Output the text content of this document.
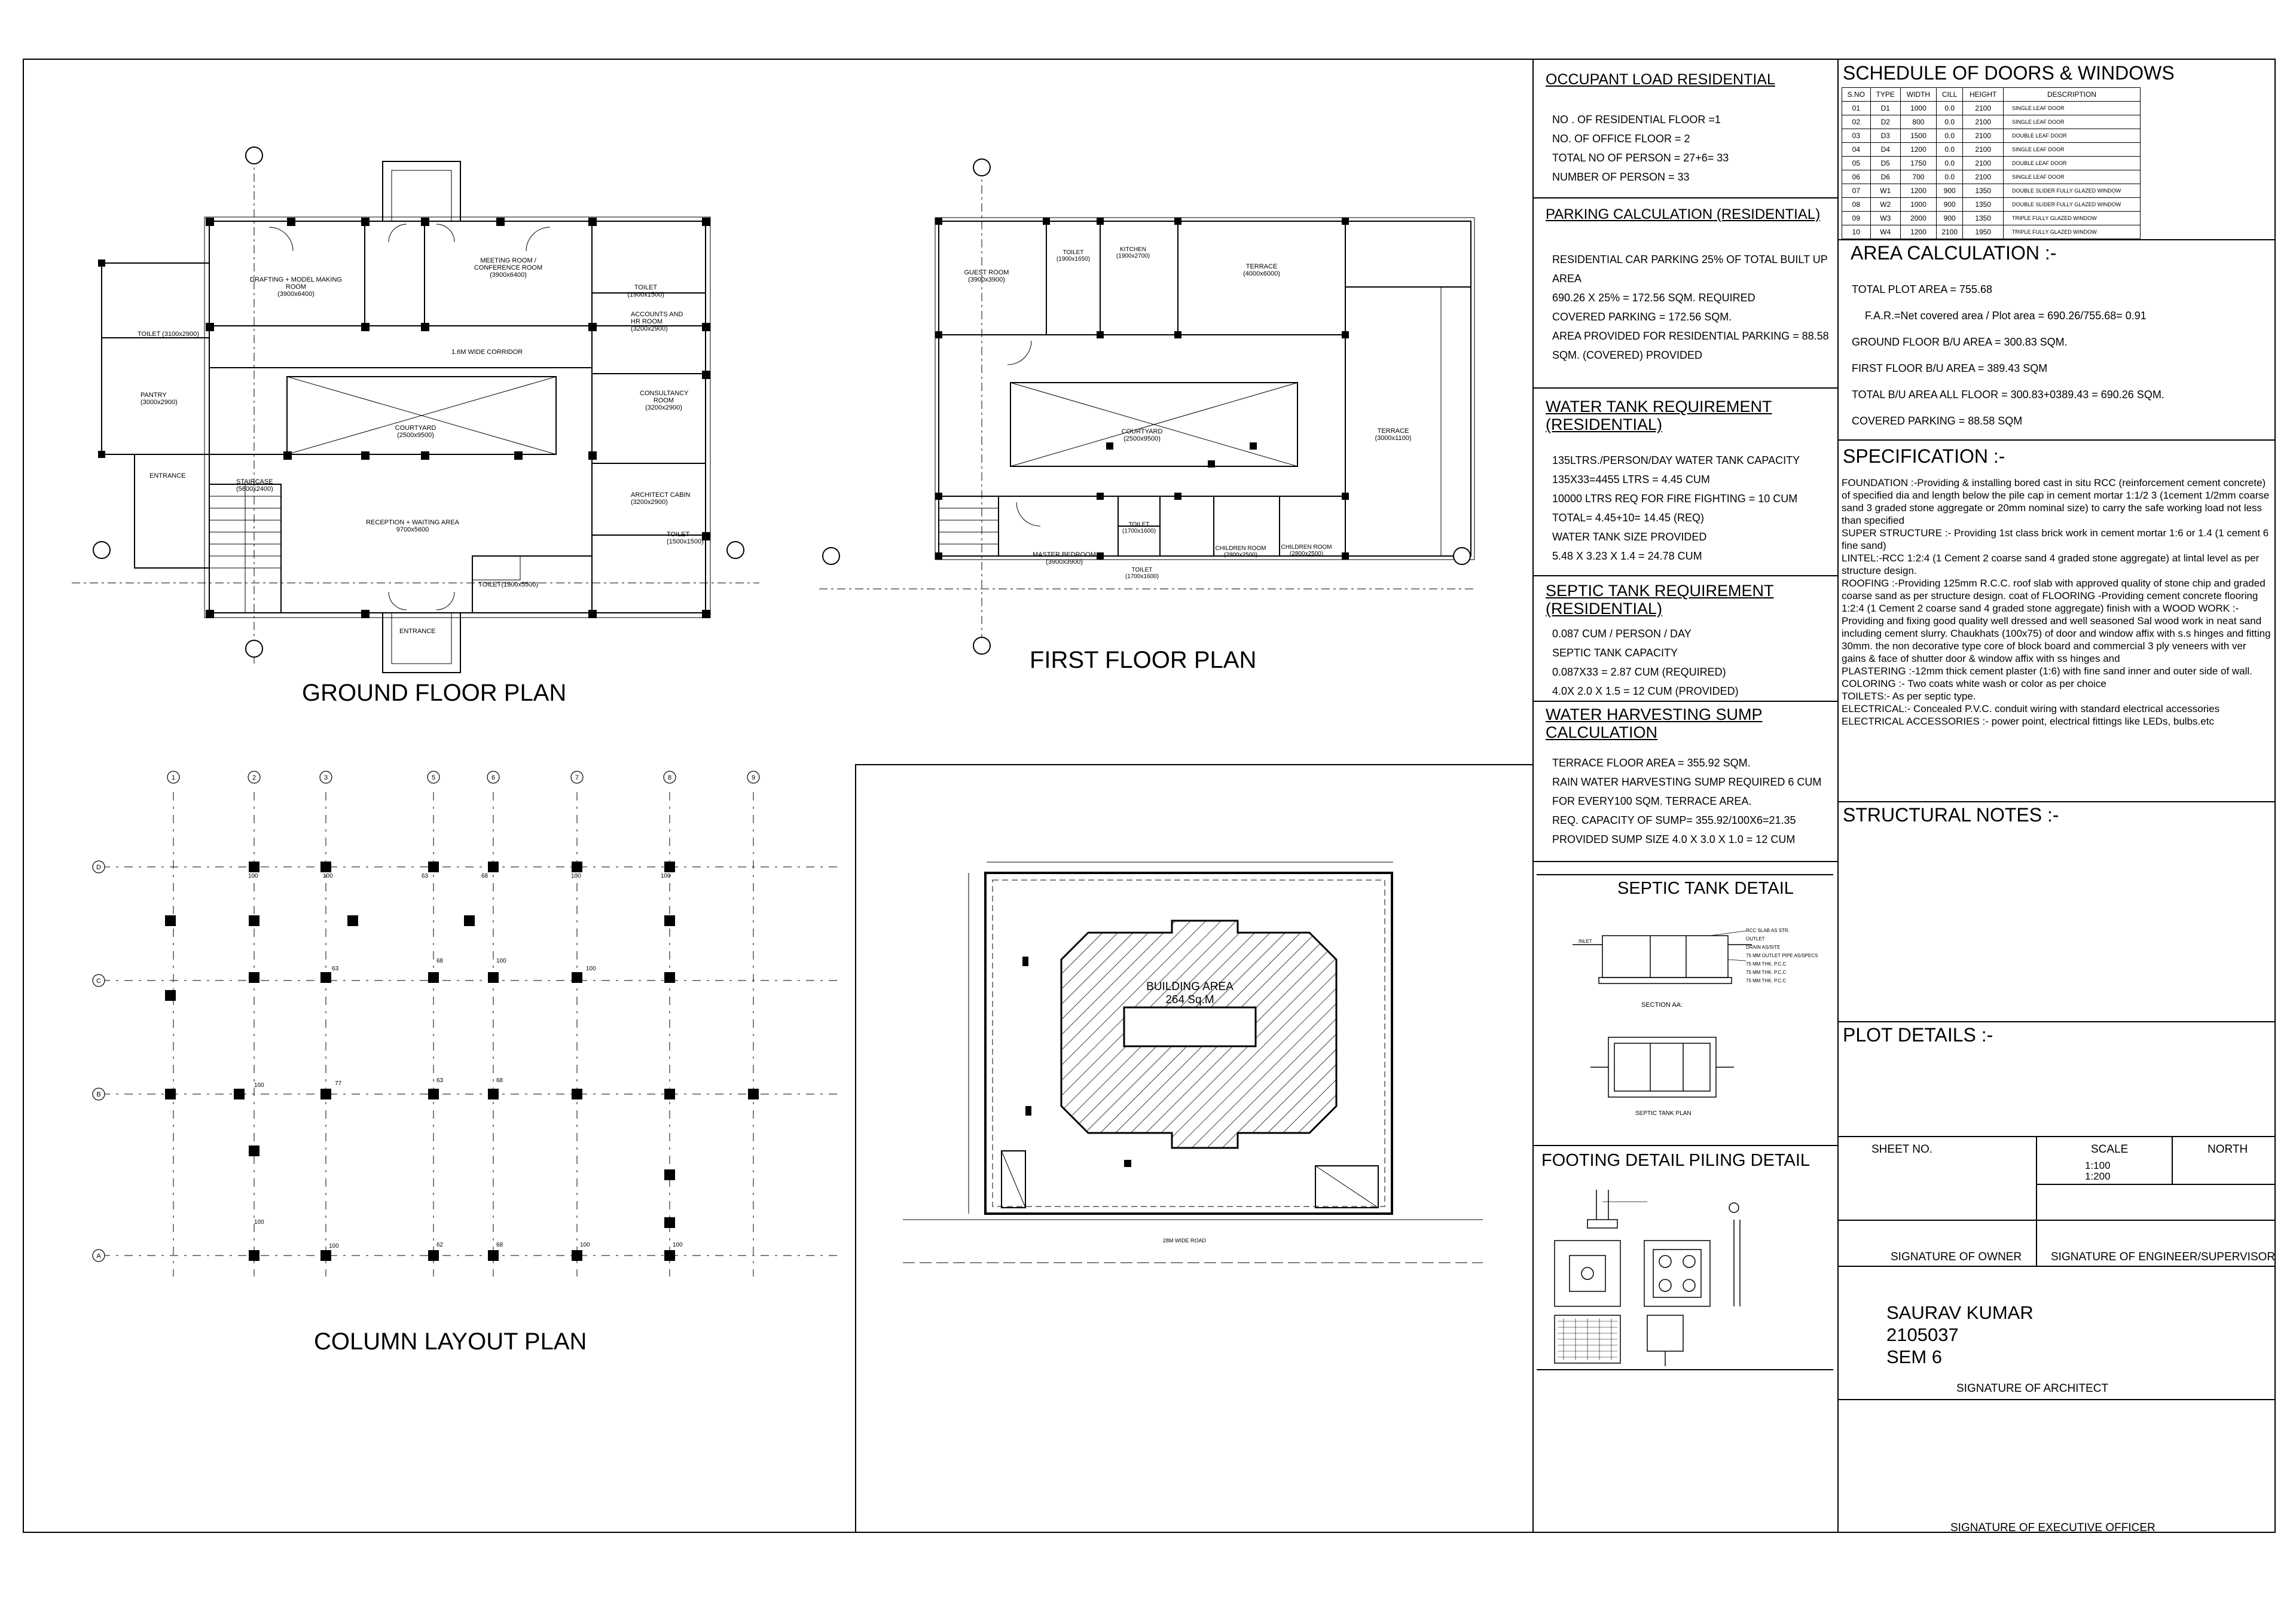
DRAFTING + MODEL MAKING ROOM
(3900x6400)
MEETING ROOM /
CONFERENCE ROOM
(3900x6400)
TOILET
(1900x1500)
ACCOUNTS AND
HR ROOM
(3200x2900)
TOILET (3100x2900)
PANTRY
(3000x2900)
1.6M WIDE CORRIDOR
CONSULTANCY
ROOM
(3200x2900)
COURTYARD
(2500x9500)
ENTRANCE
STAIRCASE
(5600x2400)
ARCHITECT CABIN
(3200x2900)
RECEPTION + WAITING AREA
9700x5600
TOILET
(1500x1500)
TOILET(1900x5500)
ENTRANCE
GROUND FLOOR PLAN
GUEST ROOM
(3900x3900)
TOILET
(1900x1650)
KITCHEN
(1900x2700)
TERRACE
(4000x6000)
COURTYARD
(2500x9500)
TERRACE
(3000x1100)
TOILET
(1700x1600)
MASTER BEDROOM
(3900x3900)
TOILET
(1700x1600)
CHILDREN ROOM
(2800x2500)
CHILDREN ROOM
(2800x2500)
FIRST FLOOR PLAN
1	2	3	5	6	7	8	9
D
C
B
A
100	100	63	68	100	100
63
68	100
100
77
100
63	68
100
100	62	68	100	100
COLUMN LAYOUT PLAN
BUILDING AREA
264 Sq.M
28M WIDE ROAD
OCCUPANT LOAD RESIDENTIAL
NO . OF RESIDENTIAL FLOOR =1
NO. OF OFFICE FLOOR = 2
TOTAL NO OF PERSON = 27+6= 33
NUMBER OF PERSON = 33
PARKING CALCULATION (RESIDENTIAL)
RESIDENTIAL CAR PARKING 25% OF TOTAL BUILT UP
AREA
690.26 X 25% = 172.56 SQM. REQUIRED
COVERED PARKING = 172.56 SQM.
AREA PROVIDED FOR RESIDENTIAL PARKING = 88.58
SQM. (COVERED) PROVIDED
WATER TANK REQUIREMENT
(RESIDENTIAL)
135LTRS./PERSON/DAY WATER TANK CAPACITY
135X33=4455 LTRS = 4.45 CUM
10000 LTRS REQ FOR FIRE FIGHTING = 10 CUM
TOTAL= 4.45+10= 14.45 (REQ)
WATER TANK SIZE PROVIDED
5.48 X 3.23 X 1.4 = 24.78 CUM
SEPTIC TANK REQUIREMENT
(RESIDENTIAL)
0.087 CUM / PERSON / DAY
SEPTIC TANK CAPACITY
0.087X33 = 2.87 CUM (REQUIRED)
4.0X 2.0 X 1.5 = 12 CUM (PROVIDED)
WATER HARVESTING SUMP
CALCULATION
TERRACE FLOOR AREA = 355.92 SQM.
RAIN WATER HARVESTING SUMP REQUIRED 6 CUM
FOR EVERY100 SQM. TERRACE AREA.
REQ. CAPACITY OF SUMP= 355.92/100X6=21.35
PROVIDED SUMP SIZE 4.0 X 3.0 X 1.0 = 12 CUM
SEPTIC TANK DETAIL
INLET
RCC SLAB AS STR.
OUTLET
DRAIN AS/SITE
75 MM OUTLET PIPE AS/SPECS
75 MM THK. P.C.C
75 MM THK. P.C.C
75 MM THK. P.C.C
SECTION AA:
SEPTIC TANK PLAN
FOOTING DETAIL PILING DETAIL
SCHEDULE OF DOORS & WINDOWS
S.NO	TYPE	WIDTH	CILL	HEIGHT	DESCRIPTION
01	D1	1000	0.0	2100	SINGLE LEAF DOOR
02	D2	800	0.0	2100	SINGLE LEAF DOOR
03	D3	1500	0.0	2100	DOUBLE LEAF DOOR
04	D4	1200	0.0	2100	SINGLE LEAF DOOR
05	D5	1750	0.0	2100	DOUBLE LEAF DOOR
06	D6	700	0.0	2100	SINGLE LEAF DOOR
07	W1	1200	900	1350	DOUBLE SLIDER FULLY GLAZED WINDOW
08	W2	1000	900	1350	DOUBLE SLIDER FULLY GLAZED WINDOW
09	W3	2000	900	1350	TRIPLE FULLY GLAZED WINDOW
10	W4	1200	2100	1950	TRIPLE FULLY GLAZED WINDOW
AREA CALCULATION :-
TOTAL PLOT AREA = 755.68
F.A.R.=Net covered area / Plot area = 690.26/755.68= 0.91
GROUND FLOOR B/U AREA = 300.83 SQM.
FIRST FLOOR B/U AREA = 389.43 SQM
TOTAL B/U AREA ALL FLOOR = 300.83+0389.43 = 690.26 SQM.
COVERED PARKING = 88.58 SQM
SPECIFICATION :-
FOUNDATION :-Providing & installing bored cast in situ RCC (reinforcement cement concrete) of specified dia and length below the pile cap in cement mortar 1:1/2 3 (1cement 1/2mm coarse sand 3 graded stone aggregate or 20mm nominal size) to carry the safe working load not less than specified
SUPER STRUCTURE :- Providing 1st class brick work in cement mortar 1:6 or 1.4 (1 cement 6 fine sand)
LINTEL:-RCC 1:2:4 (1 Cement 2 coarse sand 4 graded stone aggregate) at lintal level as per structure design.
ROOFING :-Providing 125mm R.C.C. roof slab with approved quality of stone chip and graded coarse sand as per structure design. coat of FLOORING -Providing cement concrete flooring 1:2:4 (1 Cement 2 coarse sand 4 graded stone aggregate) finish with a WOOD WORK :-Providing and fixing good quality well dressed and well seasoned Sal wood work in neat sand including cement slurry. Chaukhats (100x75) of door and window affix with s.s hinges and fitting 30mm. the non decorative type core of block board and commercial 3 ply veneers with ver gains & face of shutter door & window affix with ss hinges and
PLASTERING :-12mm thick cement plaster (1:6) with fine sand inner and outer side of wall.
COLORING :- Two coats white wash or color as per choice
TOILETS:- As per septic type.
ELECTRICAL:- Concealed P.V.C. conduit wiring with standard electrical accessories
ELECTRICAL ACCESSORIES :- power point, electrical fittings like LEDs, bulbs.etc
STRUCTURAL NOTES :-
PLOT DETAILS :-
SHEET NO.	SCALE	NORTH
1:100
1:200
SIGNATURE OF OWNER	SIGNATURE OF ENGINEER/SUPERVISOR
SAURAV KUMAR
2105037
SEM 6
SIGNATURE OF ARCHITECT
SIGNATURE OF EXECUTIVE OFFICER
